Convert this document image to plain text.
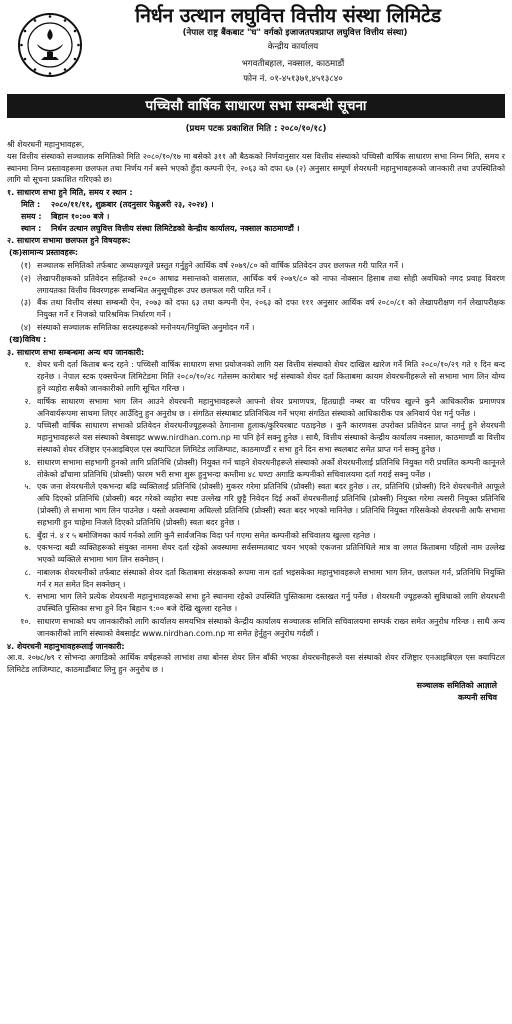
निर्धन उत्थान लघुवित्त वित्तीय संस्था लिमिटेड
(नेपाल राष्ट्र बैंकबाट "घ" वर्गको इजाजतपत्रप्राप्त लघुवित्त वित्तीय संस्था)
केन्द्रीय कार्यालय
भगवतीबहाल, नक्साल, काठमाडौं
फोन नं. ०१-४५१३७१,४५१३८४०
पच्चिसौ वार्षिक साधारण सभा सम्बन्धी सूचना
(प्रथम पटक प्रकाशित मिति : २०८०/१०/१८)

श्री शेयरधनी महानुभावहरू,

यस वित्तीय संस्थाको सञ्चालक समितिको मिति २०८०/१०/१७ मा बसेको ३११ औ बैठकको निर्णयानुसार यस वित्तीय संस्थाको पच्चिसौ वार्षिक साधारण सभा निम्न मिति, समय र स्थानमा निम्न प्रस्तावहरूमा छलफल तथा निर्णय गर्न बस्ने भएको हुँदा कम्पनी ऐन, २०६३ को दफा ६७ (२) अनुसार सम्पूर्ण शेयरधनी महानुभावहरूको जानकारी तथा उपस्थितिको लागि यो सूचना प्रकाशित गरिएको छ।

१. साधारण सभा हुने मिति, समय र स्थान :

मिति :	२०८०/११/११, शुक्रबार (तदनुसार फेब्रुअरी २३, २०२४) ।
समय :	बिहान १०:०० बजे ।
स्थान :	निर्धन उत्थान लघुवित्त वित्तीय संस्था लिमिटेडको केन्द्रीय कार्यालय, नक्साल काठमाण्डौं ।

२. साधारण सभामा छलफल हुने विषयहरू:

(क)सामान्य प्रस्तावहरू:

(१) सञ्चालक समितिको तर्फबाट अध्यक्षज्यूले प्रस्तुत गर्नुहुने आर्थिक वर्ष २०७९/८० को वार्षिक प्रतिवेदन उपर छलफल गरी पारित गर्ने ।
(२) लेखापरीक्षकको प्रतिवेदन सहितको २०८० आषाढ मसान्तको वासलात, आर्थिक वर्ष २०७९/८० को नाफा नोक्सान हिसाब तथा सोही अवधिको नगद प्रवाह विवरण लगायतका वित्तीय विवरणहरू सम्बन्धित अनुसूचीहरू उपर छलफल गरी पारित गर्ने ।
(३) बैंक तथा वित्तीय संस्था सम्बन्धी ऐन, २०७३ को दफा ६३ तथा कम्पनी ऐन, २०६३ को दफा १११ अनुसार आर्थिक वर्ष २०८०/८१ को लेखापरीक्षण गर्न लेखापरीक्षक नियुक्त गर्ने र निजको पारिश्रमिक निर्धारण गर्ने ।
(४) संस्थाको सञ्चालक समितिका सदस्यहरूको मनोनयन/नियुक्ति अनुमोदन गर्ने ।

(ख)विविध :

३. साधारण सभा सम्बन्धमा अन्य थप जानकारी:

१. शेयर धनी दर्ता किताब बन्द रहने : पच्चिसौ वार्षिक साधारण सभा प्रयोजनको लागि यस वित्तीय संस्थाको शेयर दाखिल खारेज गर्ने मिति २०८०/१०/२९ गते १ दिन बन्द रहनेछ । नेपाल स्टक एक्सचेन्ज लिमिटेडमा मिति २०८०/१०/२८ गतेसम्म कारोबार भई संस्थाको शेयर दर्ता किताबमा कायम शेयरधनीहरूले सो सभामा भाग लिन योग्य हुने व्यहोरा सबैको जानकारीको लागि सूचित गरिन्छ ।
२. वार्षिक साधारण सभामा भाग लिन आउने शेयरधनी महानुभावहरूले आफ्नो शेयर प्रमाणपत्र, हितग्राही नम्बर वा परिचय खुल्ने कुनै आधिकारीक प्रमाणपत्र अनिवार्यरूपमा साथमा लिएर आउँदिनु हुन अनुरोध छ । संगठित संस्थाबाट प्रतिनिधित्व गर्ने भएमा संगठित संस्थाको आधिकारीक पत्र अनिवार्य पेश गर्नु पर्नेछ ।
३. पच्चिसौ वार्षिक साधारण सभाको प्रतिवेदन शेयरधनीज्यूहरूको ठेगानामा हुलाक/कुरियरबाट पठाइनेछ । कुनै कारणवस उपरोक्त प्रतिवेदन प्राप्त नगर्नु हुने शेयरधनी महानुभावहरूले यस संस्थाको वेबसाइट www.nirdhan.com.np मा पनि हेर्न सक्नु हुनेछ । साथै, वित्तीय संस्थाको केन्द्रीय कार्यालय नक्साल, काठमाण्डौं वा वित्तीय संस्थाको शेयर रजिष्ट्रार एनआइबिएल एस क्यापिटल लिमिटेड लाजिम्पाट, काठमाण्डौं र सभा हुने दिन सभा स्थलबाट समेत प्राप्त गर्न सक्नु हुनेछ ।
४. साधारण सभामा सहभागी हुनको लागि प्रतिनिधि (प्रोक्सी) नियुक्त गर्न चाहने शेयरधनीहरूले संस्थाको अर्को शेयरधनीलाई प्रतिनिधि नियुक्त गरी प्रचलित कम्पनी कानूनले तोकेको ढाँचामा प्रतिनिधि (प्रोक्सी) फारम भरी सभा शुरू हुनुभन्दा कम्तीमा ४८ घण्टा अगाडि कम्पनीको सचिवालयमा दर्ता गराई सक्नु पर्नेछ ।
५. एक जना शेयरधनीले एकभन्दा बढि व्यक्तिलाई प्रतिनिधि (प्रोक्सी) मुकरर गरेमा प्रतिनिधि (प्रोक्सी) स्वतः बदर हुनेछ । तर, प्रतिनिधि (प्रोक्सी) दिने शेयरधनीले आफूले अघि दिएको प्रतिनिधि (प्रोक्सी) बदर गरेको व्यहोरा स्पष्ट उल्लेख गरि छुट्टै निवेदन दिई अर्को शेयरधनीलाई प्रतिनिधि (प्रोक्सी) नियुक्त गरेमा त्यसरी नियुक्त प्रतिनिधि (प्रोक्सी) ले सभामा भाग लिन पाउनेछ । यस्तो अवस्थामा अघिल्लो प्रतिनिधि (प्रोक्सी) स्वतः बदर भएको मानिनेछ । प्रतिनिधि नियुक्त गरिसकेको शेयरधनी आफै सभामा सहभागी हुन चाहेमा निजले दिएको प्रतिनिधि (प्रोक्सी) स्वतः बदर हुनेछ ।
६. बुँदा नं. ४ र ५ बमोजिमका कार्य गर्नको लागि कुनै सार्वजनिक विदा पर्न गएमा समेत कम्पनीको सचिवालय खुल्ला रहनेछ ।
७. एकभन्दा बढी व्यक्तिहरूको संयुक्त नाममा शेयर दर्ता रहेको अवस्थामा सर्वसम्मतबाट चयन भएको एकजना प्रतिनिधिले मात्र वा लगत किताबमा पहिलो नाम उल्लेख भएको व्यक्तिले सभामा भाग लिन सक्नेछन् ।
८. नाबालक शेयरधनीको तर्फबाट संस्थाको शेयर दर्ता किताबमा संरक्षकको रूपमा नाम दर्ता भइसकेका महानुभावहरूले सभामा भाग लिन, छलफल गर्न, प्रतिनिधि नियुक्ति गर्न र मत समेत दिन सक्नेछन् ।
९. सभामा भाग लिने प्रत्येक शेयरधनी महानुभावहरूको सभा हुने स्थानमा रहेको उपस्थिति पुस्तिकामा दस्तखत गर्नु पर्नेछ । शेयरधनी ज्यूहरूको सुविधाको लागि शेयरधनी उपस्थिति पुस्तिका सभा हुने दिन बिहान ९:०० बजे देखि खुल्ला रहनेछ ।
१०. साधारण सभाको थप जानकारीको लागि कार्यालय समयभित्र संस्थाको केन्द्रीय कार्यालय सञ्चालक समिति सचिवालयमा सम्पर्क राख्न समेत अनुरोध गरिन्छ । साथै अन्य जानकारीको लागि संस्थाको वेबसाईट www.nirdhan.com.np मा समेत हेर्नुहुन अनुरोध गर्दछौं ।

४. शेयरधनी महानुभावहरूलाई जानकारी:

आ.व. २०७८/७९ र सोभन्दा अगाडिको आर्थिक वर्षहरूको लाभांश तथा बोनस शेयर लिन बाँकी भएका शेयरधनीहरूले यस संस्थाको शेयर रजिष्ट्रार एनआइबिएल एस क्यापिटल लिमिटेड लाजिम्पाट, काठमाडौंबाट लिनु हुन अनुरोध छ ।

सञ्चालक समितिको आज्ञाले
कम्पनी सचिव
